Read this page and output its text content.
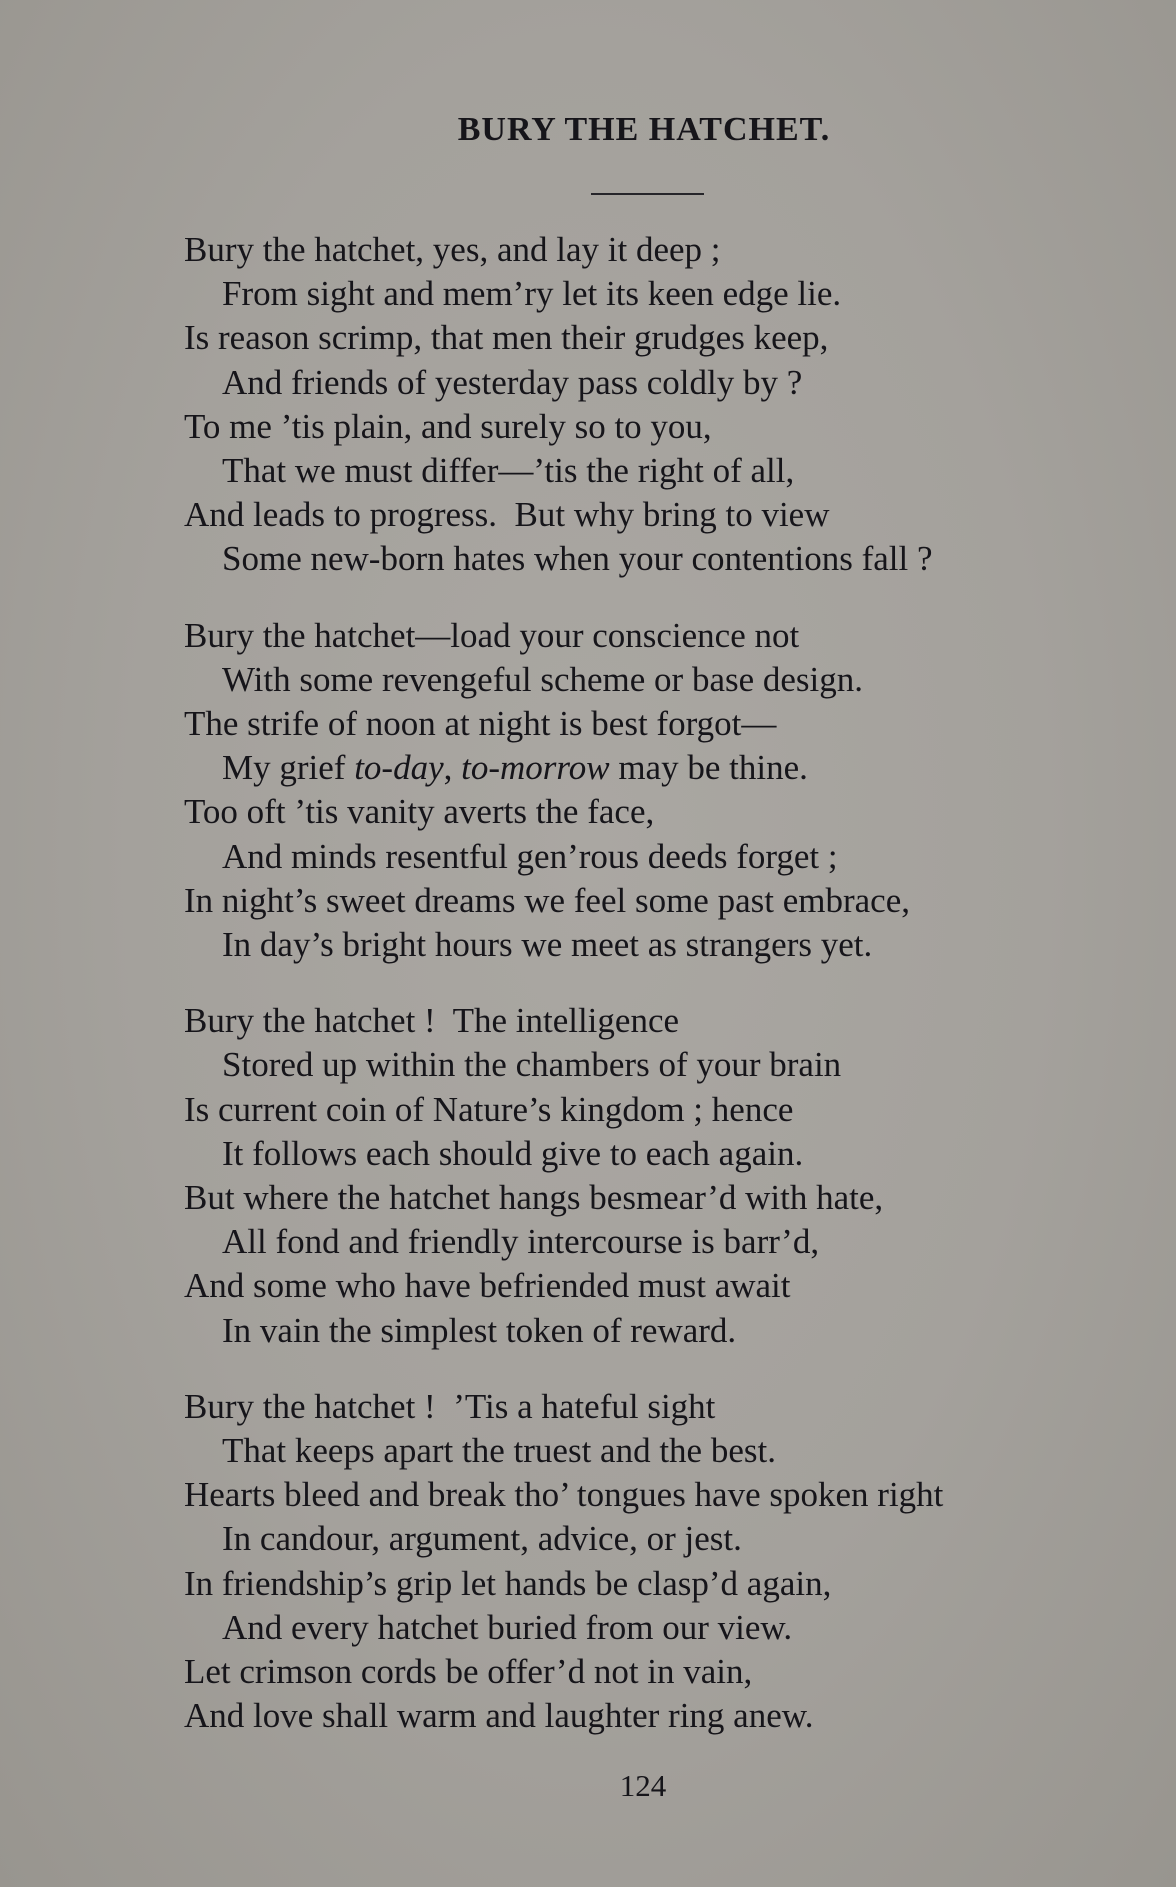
BURY THE HATCHET.
Bury the hatchet, yes, and lay it deep ;
From sight and mem’ry let its keen edge lie.
Is reason scrimp, that men their grudges keep,
And friends of yesterday pass coldly by ?
To me ’tis plain, and surely so to you,
That we must differ—’tis the right of all,
And leads to progress.  But why bring to view
Some new-born hates when your contentions fall ?
Bury the hatchet—load your conscience not
With some revengeful scheme or base design.
The strife of noon at night is best forgot—
My grief to-day, to-morrow may be thine.
Too oft ’tis vanity averts the face,
And minds resentful gen’rous deeds forget ;
In night’s sweet dreams we feel some past embrace,
In day’s bright hours we meet as strangers yet.
Bury the hatchet !  The intelligence
Stored up within the chambers of your brain
Is current coin of Nature’s kingdom ; hence
It follows each should give to each again.
But where the hatchet hangs besmear’d with hate,
All fond and friendly intercourse is barr’d,
And some who have befriended must await
In vain the simplest token of reward.
Bury the hatchet !  ’Tis a hateful sight
That keeps apart the truest and the best.
Hearts bleed and break tho’ tongues have spoken right
In candour, argument, advice, or jest.
In friendship’s grip let hands be clasp’d again,
And every hatchet buried from our view.
Let crimson cords be offer’d not in vain,
And love shall warm and laughter ring anew.
124
